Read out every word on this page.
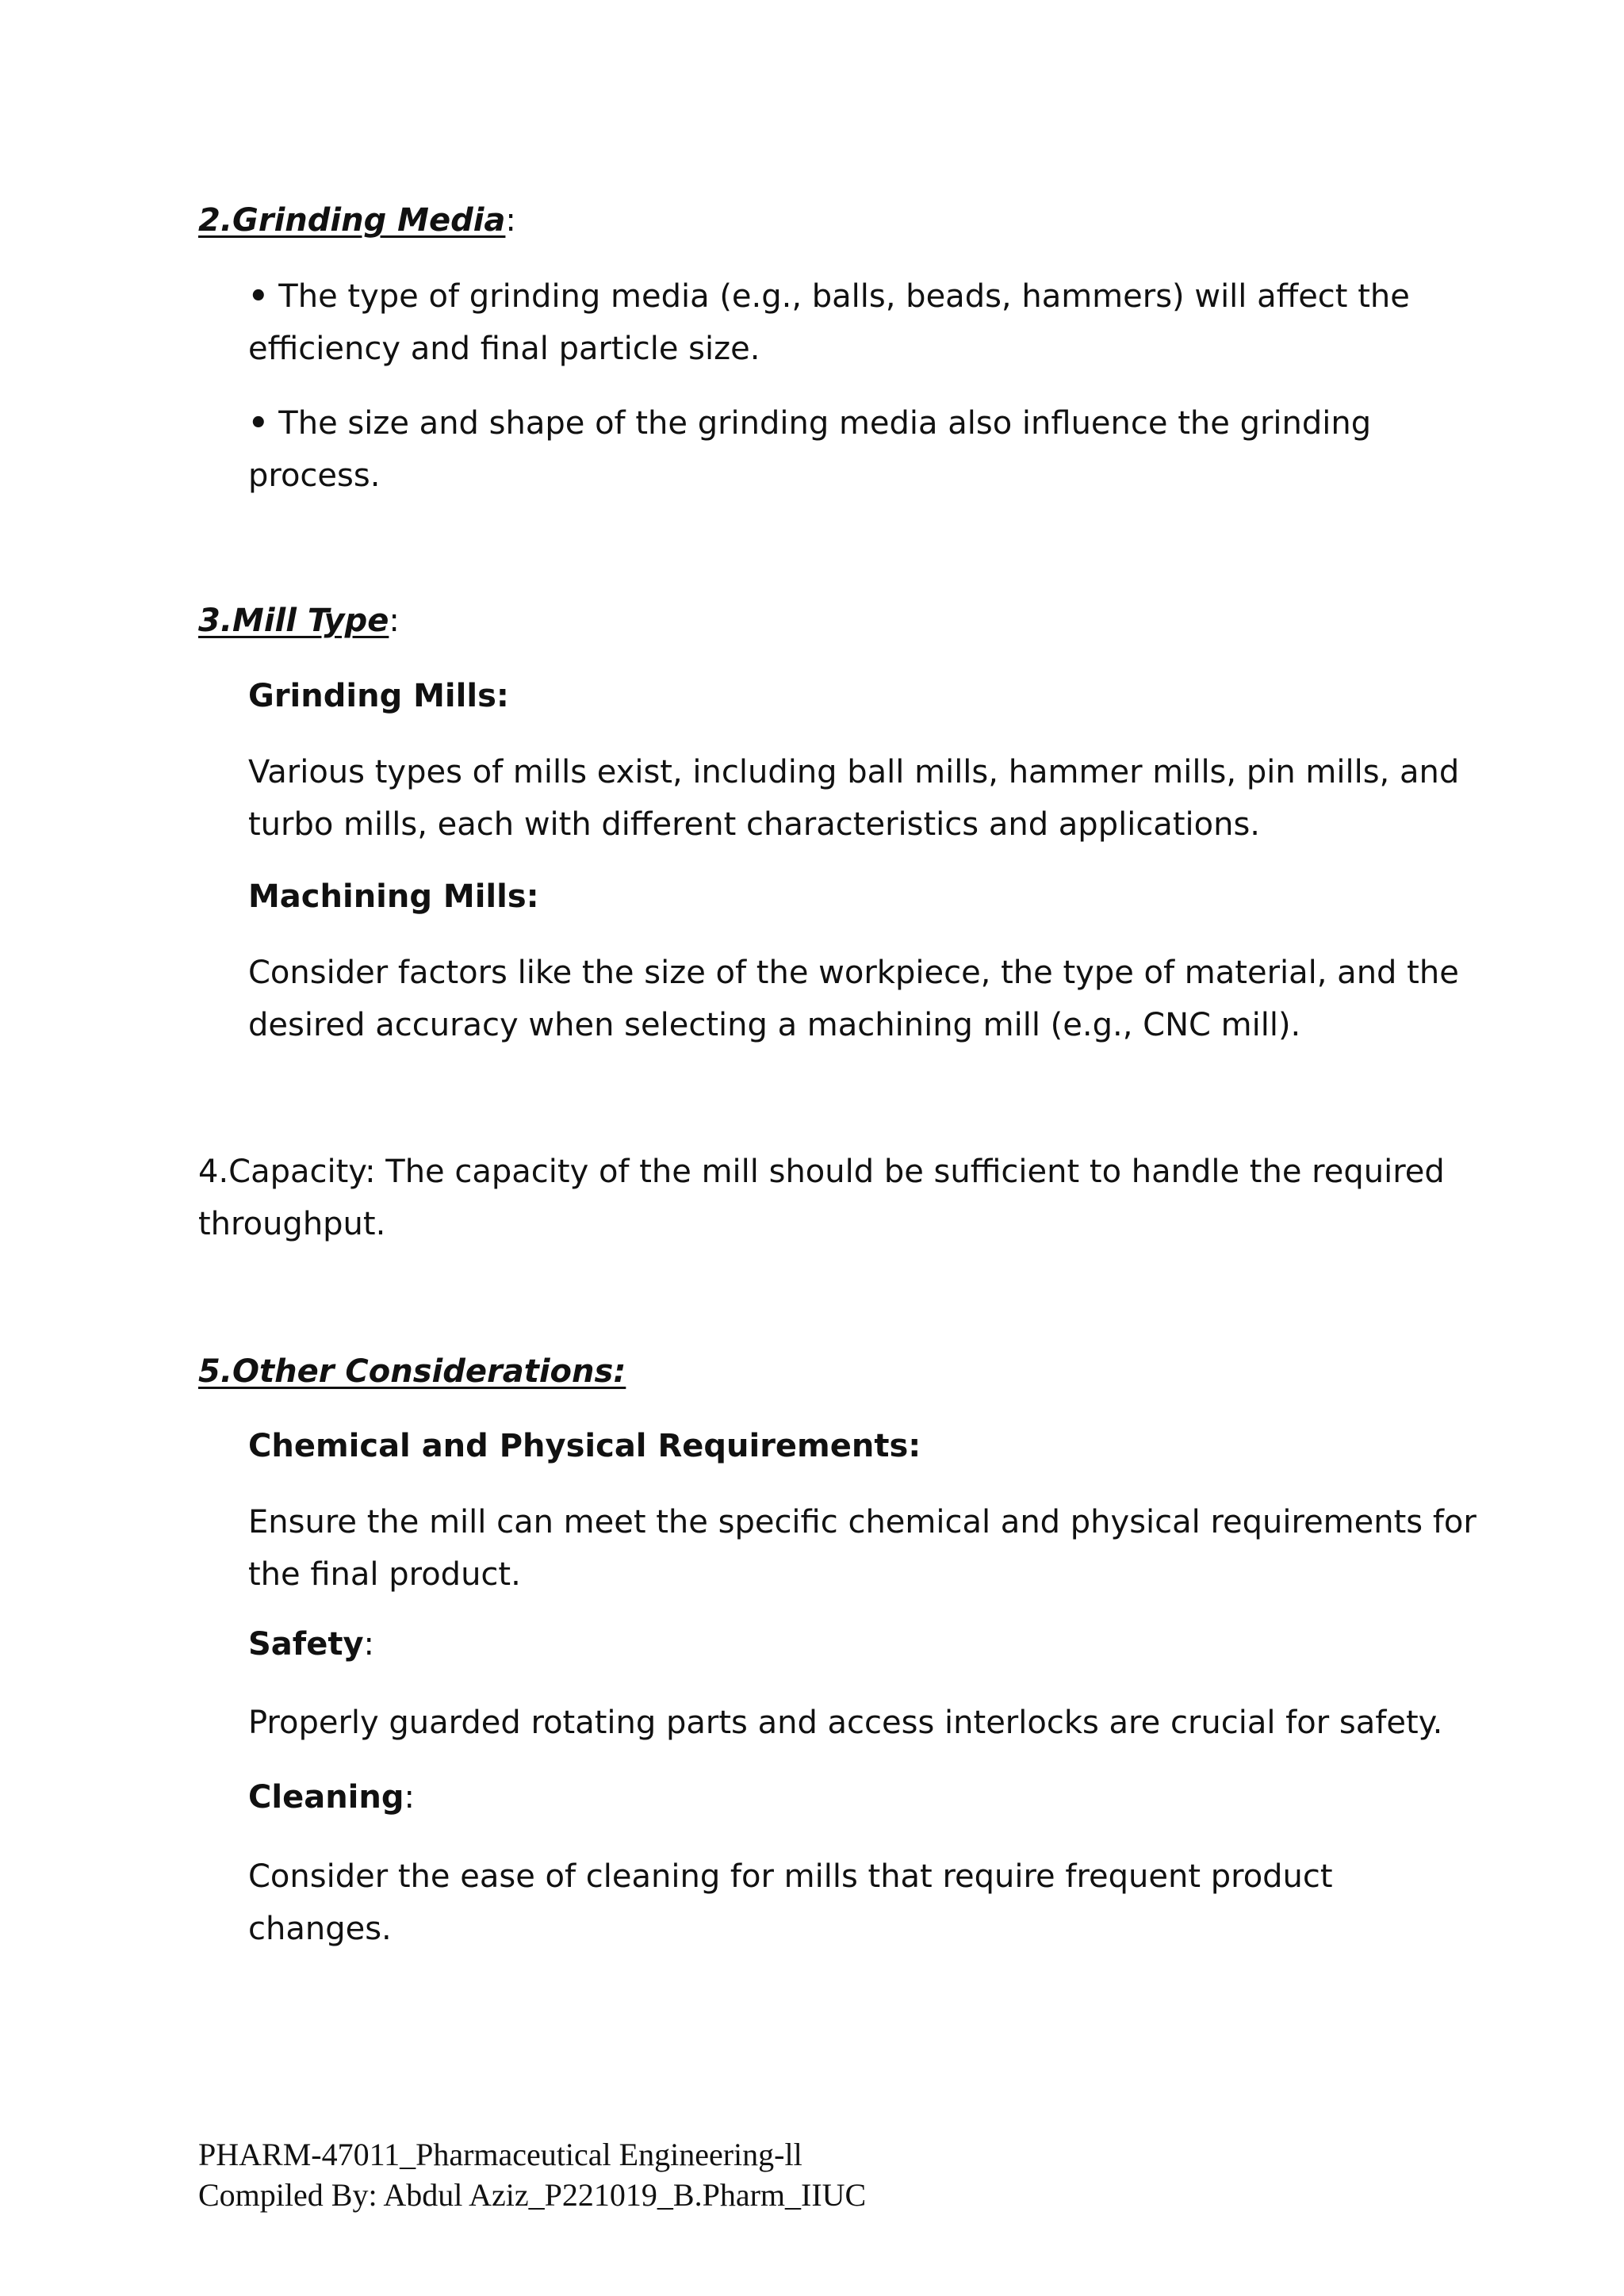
2.Grinding Media:

• The type of grinding media (e.g., balls, beads, hammers) will affect the

efficiency and final particle size.

• The size and shape of the grinding media also influence the grinding

process.

3.Mill Type:

Grinding Mills:

Various types of mills exist, including ball mills, hammer mills, pin mills, and

turbo mills, each with different characteristics and applications.

Machining Mills:

Consider factors like the size of the workpiece, the type of material, and the

desired accuracy when selecting a machining mill (e.g., CNC mill).

4.Capacity: The capacity of the mill should be sufficient to handle the required

throughput.

5.Other Considerations:

Chemical and Physical Requirements:

Ensure the mill can meet the specific chemical and physical requirements for

the final product.

Safety:

Properly guarded rotating parts and access interlocks are crucial for safety.

Cleaning:

Consider the ease of cleaning for mills that require frequent product

changes.

PHARM-47011_Pharmaceutical Engineering-ll

Compiled By: Abdul Aziz_P221019_B.Pharm_IIUC
